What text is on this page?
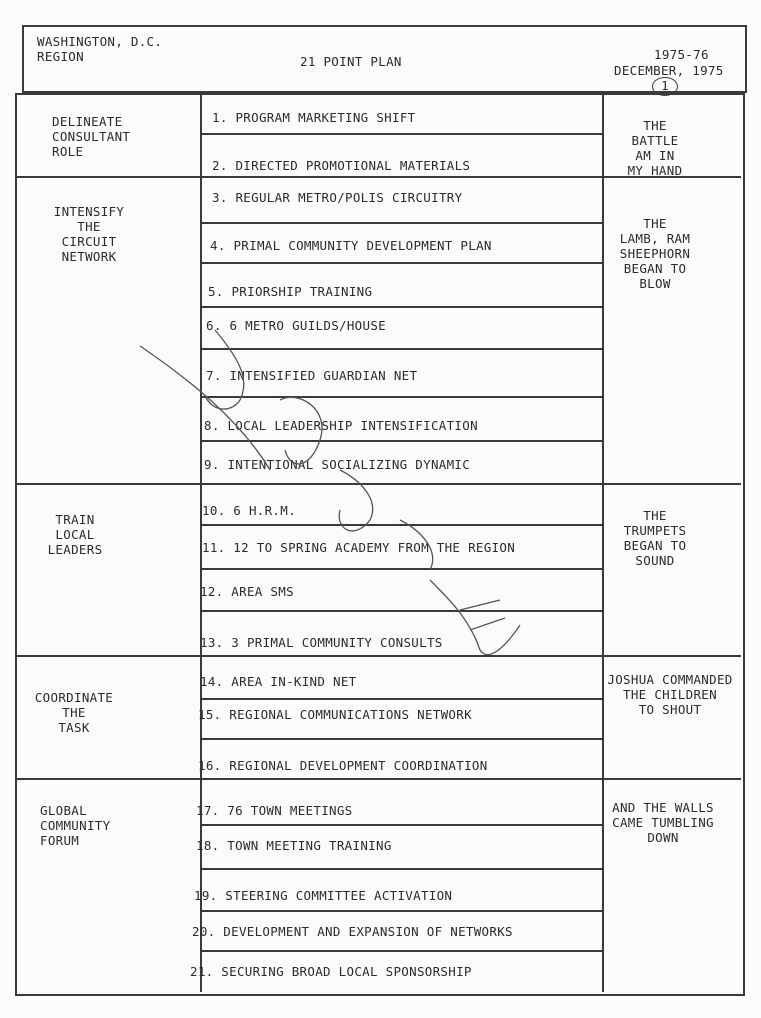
WASHINGTON, D.C.
REGION	21 POINT PLAN	1975-76
DECEMBER, 1975
1
DELINEATE
CONSULTANT
ROLE
INTENSIFY
THE
CIRCUIT
NETWORK
TRAIN
LOCAL
LEADERS
COORDINATE
THE
TASK
GLOBAL
COMMUNITY
FORUM
THE
BATTLE
AM IN
MY HAND
THE
LAMB, RAM
SHEEPHORN
BEGAN TO
BLOW
THE
TRUMPETS
BEGAN TO
SOUND
JOSHUA COMMANDED
THE CHILDREN
TO SHOUT
AND THE WALLS
CAME TUMBLING
DOWN
1. PROGRAM MARKETING SHIFT
2. DIRECTED PROMOTIONAL MATERIALS
3. REGULAR METRO/POLIS CIRCUITRY
4. PRIMAL COMMUNITY DEVELOPMENT PLAN
5. PRIORSHIP TRAINING
6. 6 METRO GUILDS/HOUSE
7. INTENSIFIED GUARDIAN NET
8. LOCAL LEADERSHIP INTENSIFICATION
9. INTENTIONAL SOCIALIZING DYNAMIC
10. 6 H.R.M.
11. 12 TO SPRING ACADEMY FROM THE REGION
12. AREA SMS
13. 3 PRIMAL COMMUNITY CONSULTS
14. AREA IN-KIND NET
15. REGIONAL COMMUNICATIONS NETWORK
16. REGIONAL DEVELOPMENT COORDINATION
17. 76 TOWN MEETINGS
18. TOWN MEETING TRAINING
19. STEERING COMMITTEE ACTIVATION
20. DEVELOPMENT AND EXPANSION OF NETWORKS
21. SECURING BROAD LOCAL SPONSORSHIP
